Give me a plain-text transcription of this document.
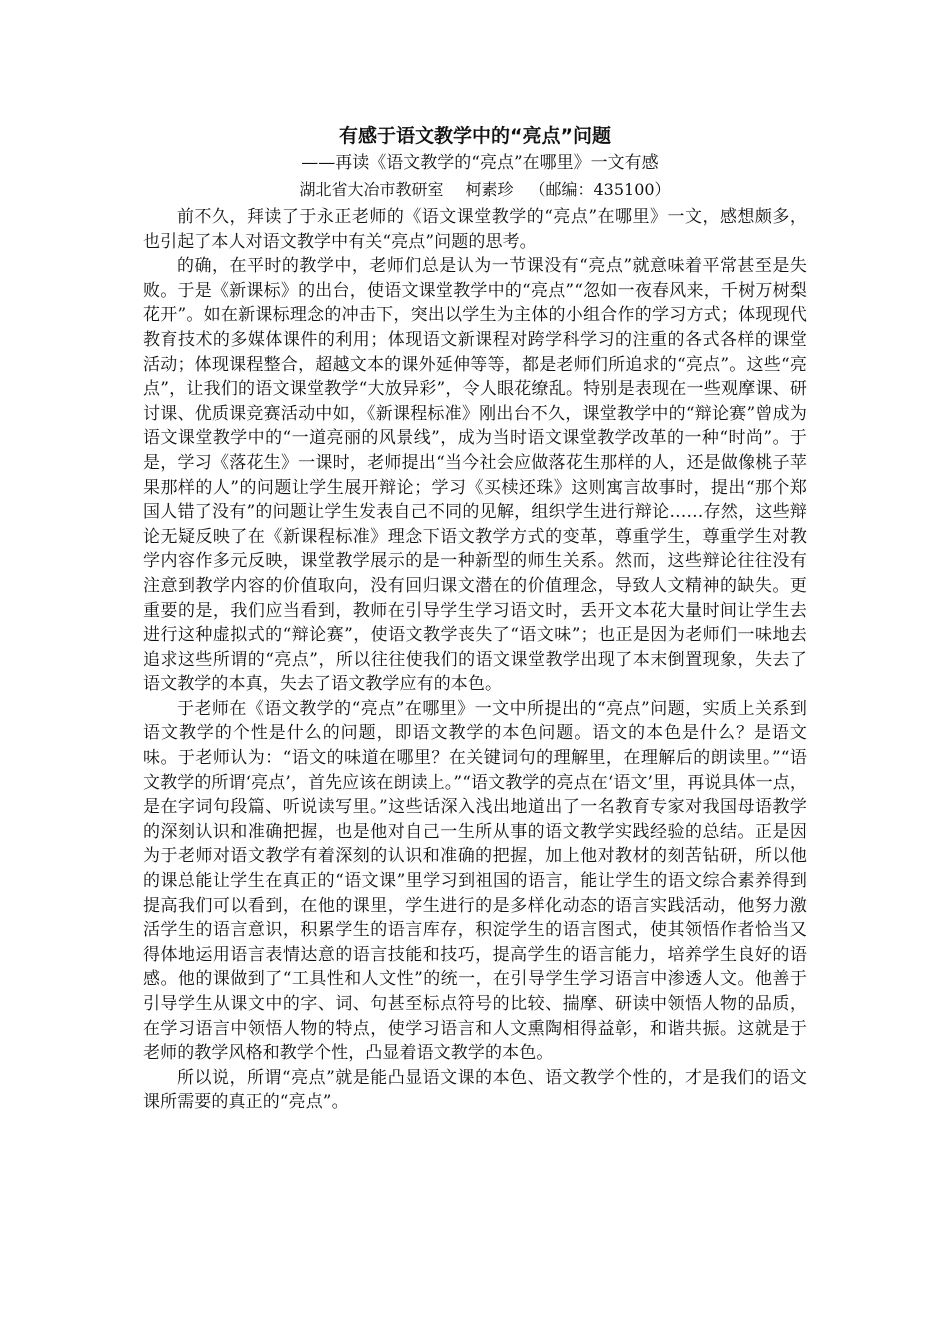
有感于语文教学中的“亮点”问题

——再读《语文教学的“亮点”在哪里》一文有感

湖北省大冶市教研室 柯素珍 （邮编：435100）

前不久，拜读了于永正老师的《语文课堂教学的“亮点”在哪里》一文，感想颇多，也引起了本人对语文教学中有关“亮点”问题的思考。

的确，在平时的教学中，老师们总是认为一节课没有“亮点”就意味着平常甚至是失败。于是《新课标》的出台，使语文课堂教学中的“亮点”“忽如一夜春风来，千树万树梨花开”。如在新课标理念的冲击下，突出以学生为主体的小组合作的学习方式；体现现代教育技术的多媒体课件的利用；体现语文新课程对跨学科学习的注重的各式各样的课堂活动；体现课程整合，超越文本的课外延伸等等，都是老师们所追求的“亮点”。这些“亮点”，让我们的语文课堂教学“大放异彩”，令人眼花缭乱。特别是表现在一些观摩课、研讨课、优质课竞赛活动中如，《新课程标准》刚出台不久，课堂教学中的“辩论赛”曾成为语文课堂教学中的“一道亮丽的风景线”，成为当时语文课堂教学改革的一种“时尚”。于是，学习《落花生》一课时，老师提出“当今社会应做落花生那样的人，还是做像桃子苹果那样的人”的问题让学生展开辩论；学习《买椟还珠》这则寓言故事时，提出“那个郑国人错了没有”的问题让学生发表自己不同的见解，组织学生进行辩论……存然，这些辩论无疑反映了在《新课程标准》理念下语文教学方式的变革，尊重学生，尊重学生对教学内容作多元反映，课堂教学展示的是一种新型的师生关系。然而，这些辩论往往没有注意到教学内容的价值取向，没有回归课文潜在的价值理念，导致人文精神的缺失。更重要的是，我们应当看到，教师在引导学生学习语文时，丢开文本花大量时间让学生去进行这种虚拟式的“辩论赛”，使语文教学丧失了“语文味”；也正是因为老师们一味地去追求这些所谓的“亮点”，所以往往使我们的语文课堂教学出现了本末倒置现象，失去了语文教学的本真，失去了语文教学应有的本色。

于老师在《语文教学的“亮点”在哪里》一文中所提出的“亮点”问题，实质上关系到语文教学的个性是什么的问题，即语文教学的本色问题。语文的本色是什么？是语文味。于老师认为：“语文的味道在哪里？在关键词句的理解里，在理解后的朗读里。”“语文教学的所谓‘亮点’，首先应该在朗读上。”“语文教学的亮点在‘语文’里，再说具体一点，是在字词句段篇、听说读写里。”这些话深入浅出地道出了一名教育专家对我国母语教学的深刻认识和准确把握，也是他对自己一生所从事的语文教学实践经验的总结。正是因为于老师对语文教学有着深刻的认识和准确的把握，加上他对教材的刻苦钻研，所以他的课总能让学生在真正的“语文课”里学习到祖国的语言，能让学生的语文综合素养得到提高我们可以看到，在他的课里，学生进行的是多样化动态的语言实践活动，他努力激活学生的语言意识，积累学生的语言库存，积淀学生的语言图式，使其领悟作者恰当又得体地运用语言表情达意的语言技能和技巧，提高学生的语言能力，培养学生良好的语感。他的课做到了“工具性和人文性”的统一，在引导学生学习语言中渗透人文。他善于引导学生从课文中的字、词、句甚至标点符号的比较、揣摩、研读中领悟人物的品质，在学习语言中领悟人物的特点，使学习语言和人文熏陶相得益彰，和谐共振。这就是于老师的教学风格和教学个性，凸显着语文教学的本色。

所以说，所谓“亮点”就是能凸显语文课的本色、语文教学个性的，才是我们的语文课所需要的真正的“亮点”。
